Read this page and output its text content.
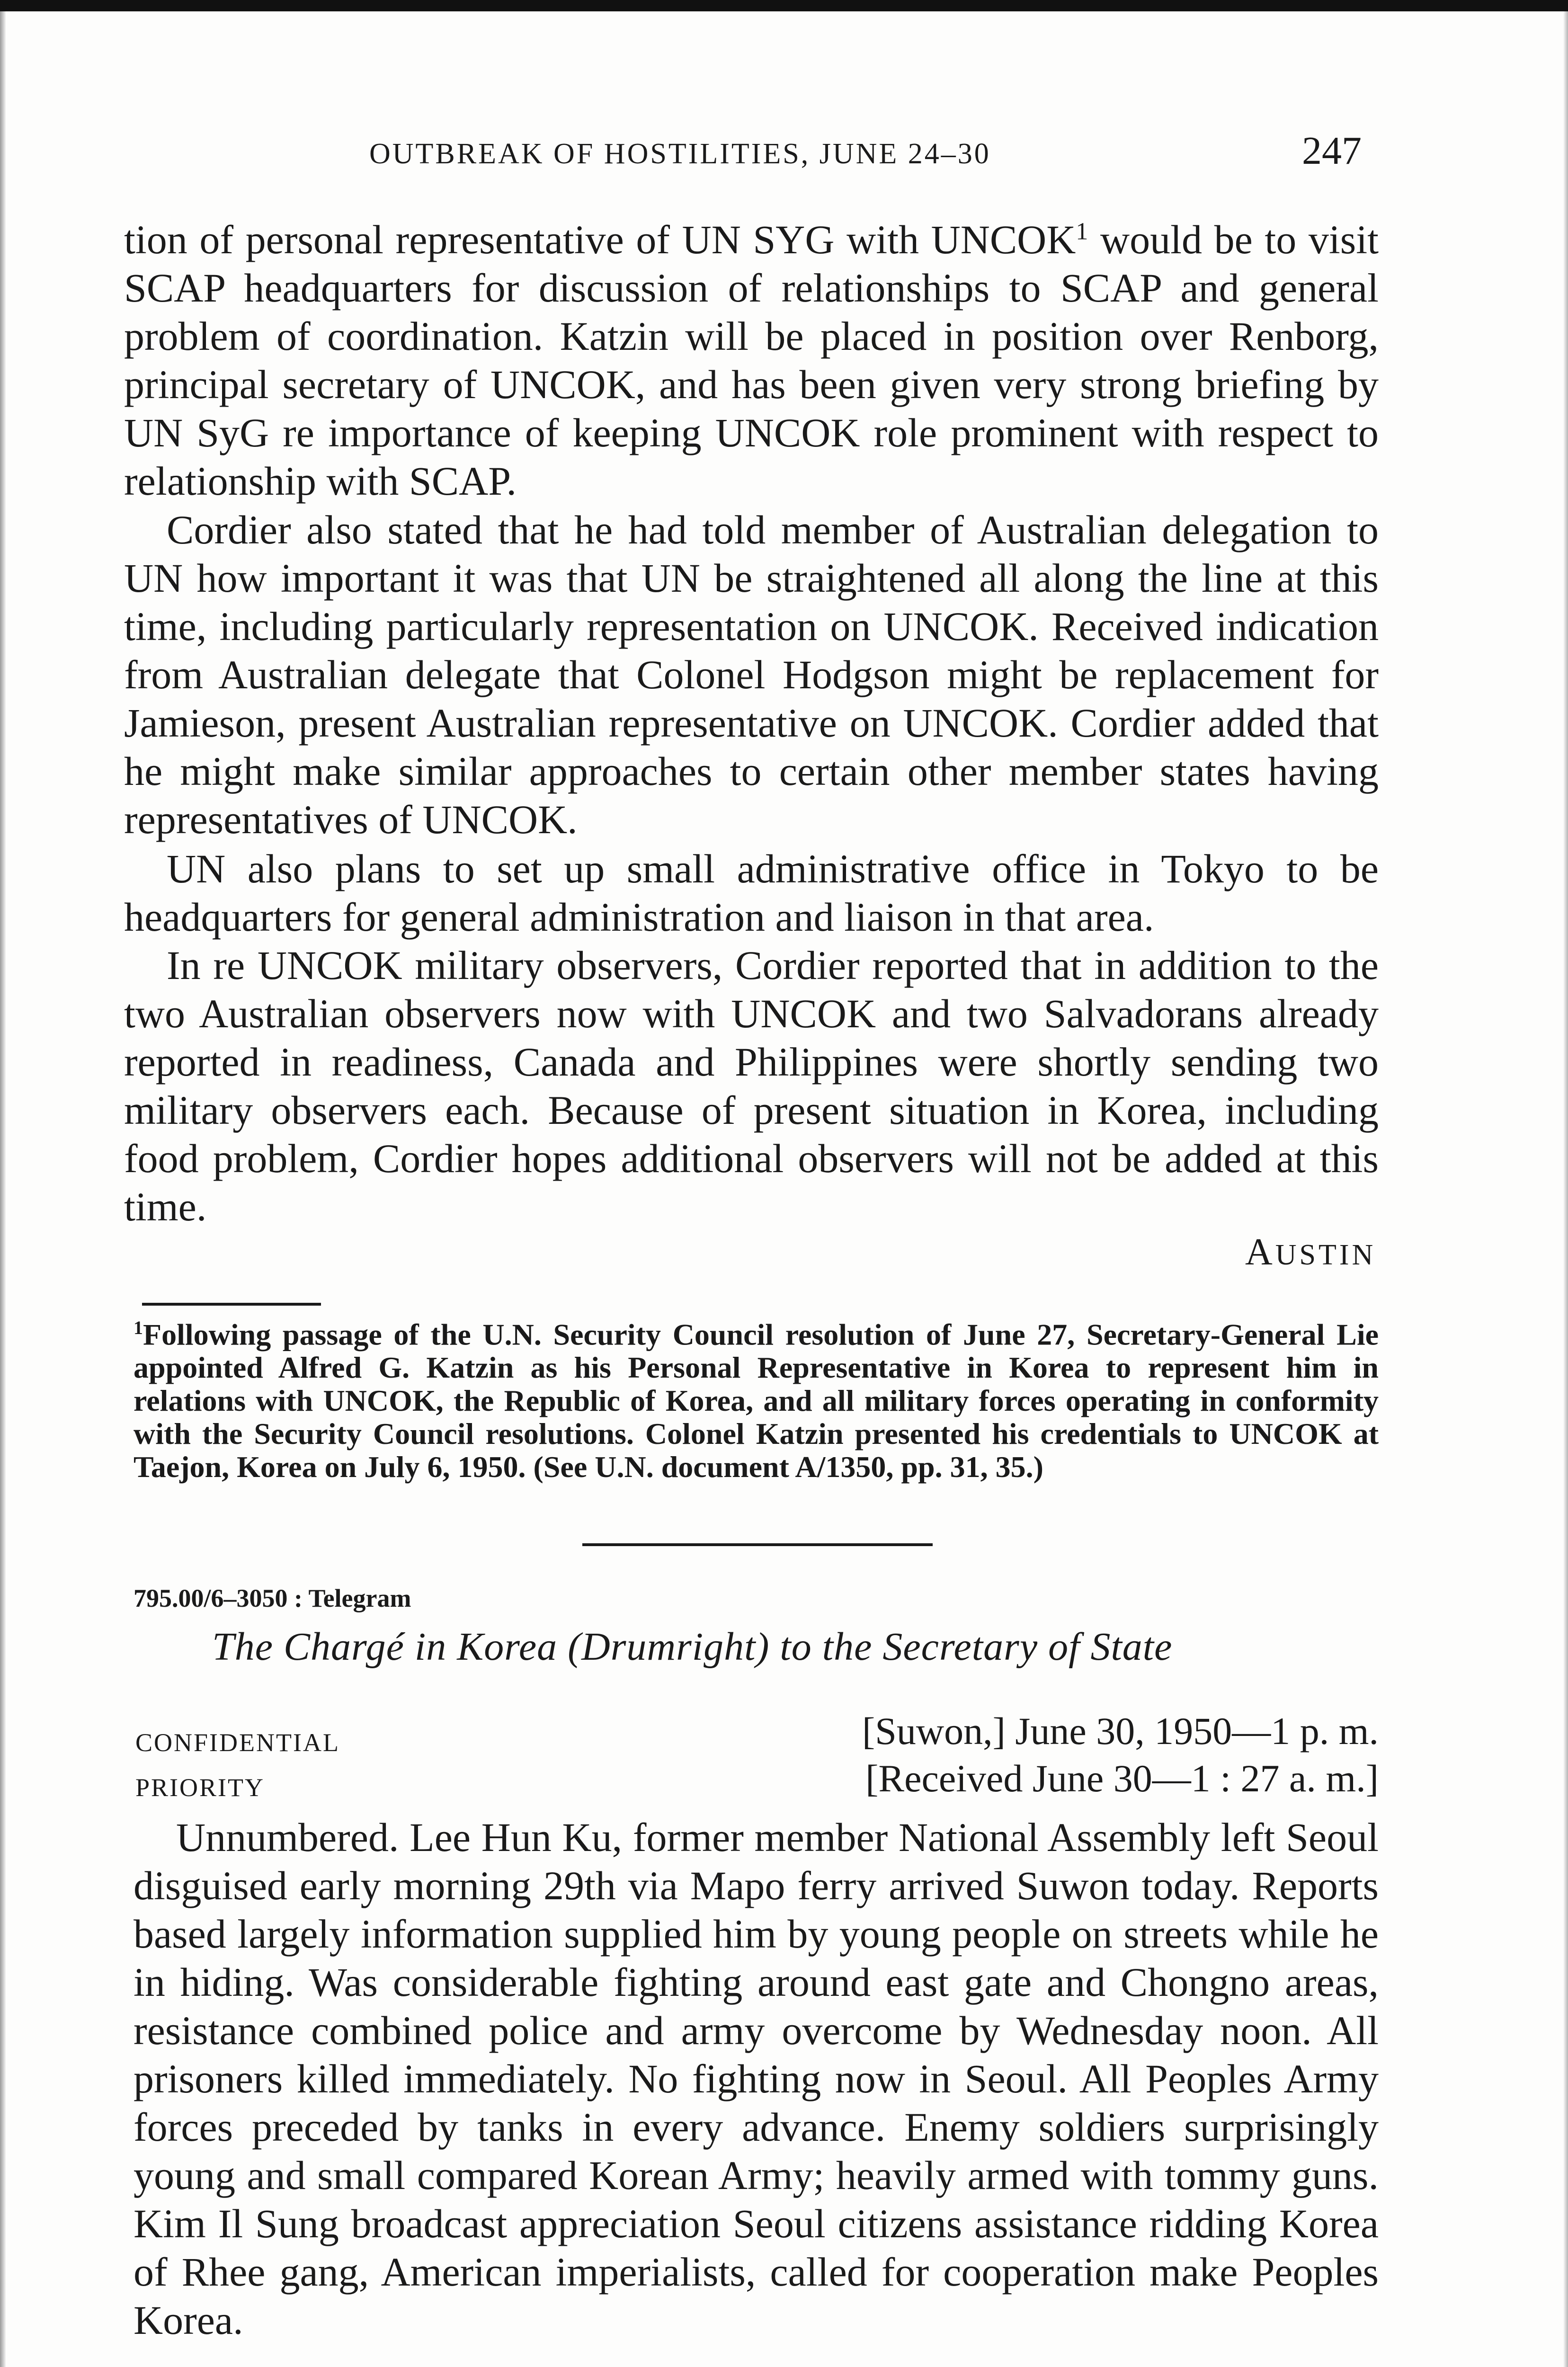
OUTBREAK OF HOSTILITIES, JUNE 24–30	247

tion of personal representative of UN SYG with UNCOK$^1$ would be to visit SCAP headquarters for discussion of relationships to SCAP and general problem of coordination. Katzin will be placed in position over Renborg, principal secretary of UNCOK, and has been given very strong briefing by UN SyG re importance of keeping UNCOK role prominent with respect to relationship with SCAP.

Cordier also stated that he had told member of Australian delegation to UN how important it was that UN be straightened all along the line at this time, including particularly representation on UNCOK. Received indication from Australian delegate that Colonel Hodgson might be replacement for Jamieson, present Australian representative on UNCOK. Cordier added that he might make similar approaches to certain other member states having representatives of UNCOK.

UN also plans to set up small administrative office in Tokyo to be headquarters for general administration and liaison in that area.

In re UNCOK military observers, Cordier reported that in addition to the two Australian observers now with UNCOK and two Salvadorans already reported in readiness, Canada and Philippines were shortly sending two military observers each. Because of present situation in Korea, including food problem, Cordier hopes additional observers will not be added at this time.

AUSTIN

$^1$Following passage of the U.N. Security Council resolution of June 27, Secretary-General Lie appointed Alfred G. Katzin as his Personal Representative in Korea to represent him in relations with UNCOK, the Republic of Korea, and all military forces operating in conformity with the Security Council resolutions. Colonel Katzin presented his credentials to UNCOK at Taejon, Korea on July 6, 1950. (See U.N. document A/1350, pp. 31, 35.)

795.00/6–3050 : Telegram
The Chargé in Korea (Drumright) to the Secretary of State
CONFIDENTIAL
PRIORITY
[Suwon,] June 30, 1950—1 p. m.
[Received June 30—1 : 27 a. m.]

Unnumbered. Lee Hun Ku, former member National Assembly left Seoul disguised early morning 29th via Mapo ferry arrived Suwon today. Reports based largely information supplied him by young people on streets while he in hiding. Was considerable fighting around east gate and Chongno areas, resistance combined police and army overcome by Wednesday noon. All prisoners killed immediately. No fighting now in Seoul. All Peoples Army forces preceded by tanks in every advance. Enemy soldiers surprisingly young and small compared Korean Army; heavily armed with tommy guns. Kim Il Sung broadcast appreciation Seoul citizens assistance ridding Korea of Rhee gang, American imperialists, called for cooperation make Peoples Korea.
